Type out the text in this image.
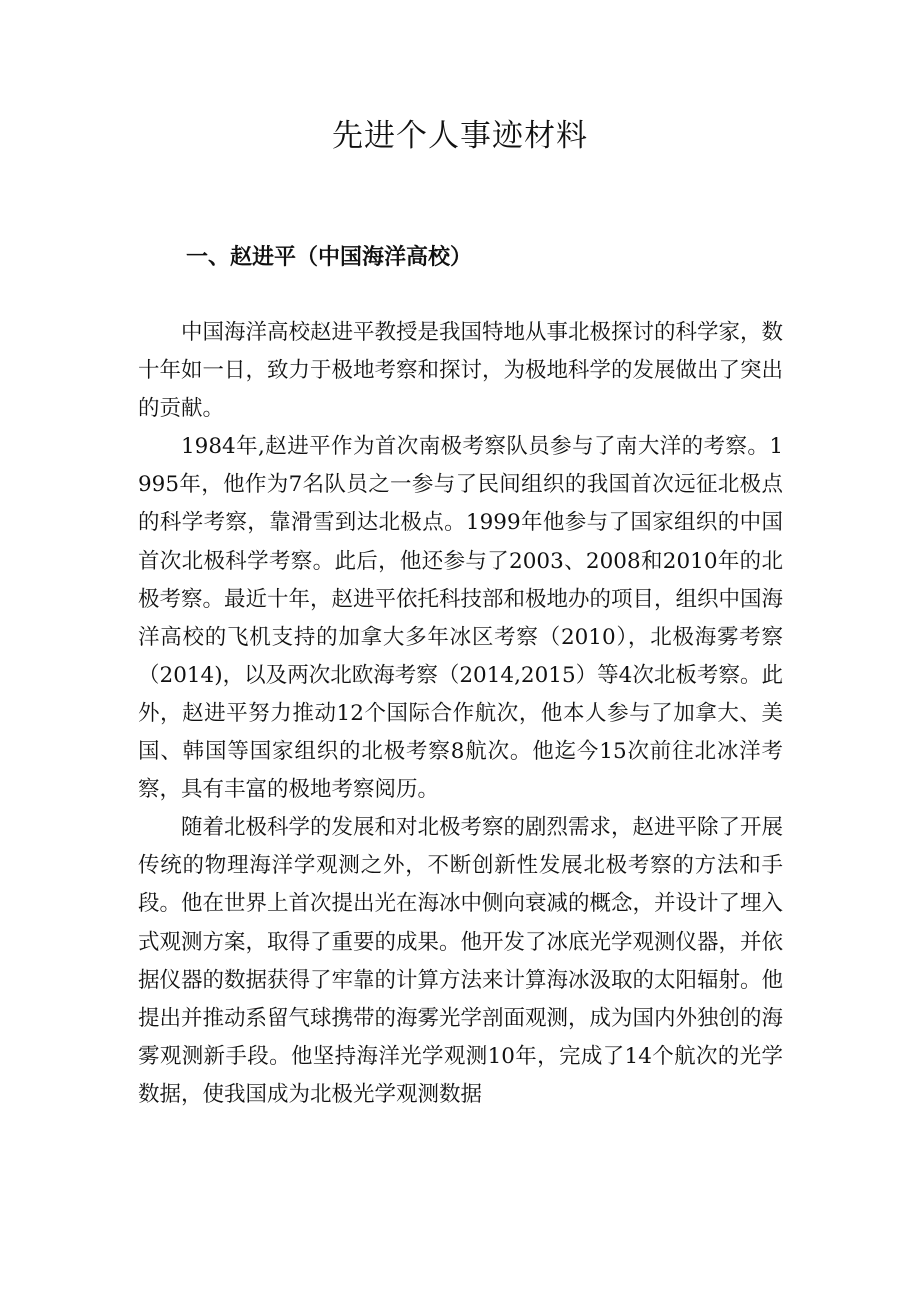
先进个人事迹材料
一、赵进平（中国海洋高校）

中国海洋高校赵进平教授是我国特地从事北极探讨的科学家，数十年如一日，致力于极地考察和探讨，为极地科学的发展做出了突出的贡献。

1984年,赵进平作为首次南极考察队员参与了南大洋的考察。1995年，他作为7名队员之一参与了民间组织的我国首次远征北极点的科学考察，靠滑雪到达北极点。1999年他参与了国家组织的中国首次北极科学考察。此后，他还参与了2003、2008和2010年的北极考察。最近十年，赵进平依托科技部和极地办的项目，组织中国海洋高校的飞机支持的加拿大多年冰区考察（2010），北极海雾考察（2014)，以及两次北欧海考察（2014,2015）等4次北板考察。此外，赵进平努力推动12个国际合作航次，他本人参与了加拿大、美国、韩国等国家组织的北极考察8航次。他迄今15次前往北冰洋考察，具有丰富的极地考察阅历。

随着北极科学的发展和对北极考察的剧烈需求，赵进平除了开展传统的物理海洋学观测之外，不断创新性发展北极考察的方法和手段。他在世界上首次提出光在海冰中侧向衰减的概念，并设计了埋入式观测方案，取得了重要的成果。他开发了冰底光学观测仪器，并依据仪器的数据获得了牢靠的计算方法来计算海冰汲取的太阳辐射。他提出并推动系留气球携带的海雾光学剖面观测，成为国内外独创的海雾观测新手段。他坚持海洋光学观测10年，完成了14个航次的光学数据，使我国成为北极光学观测数据
